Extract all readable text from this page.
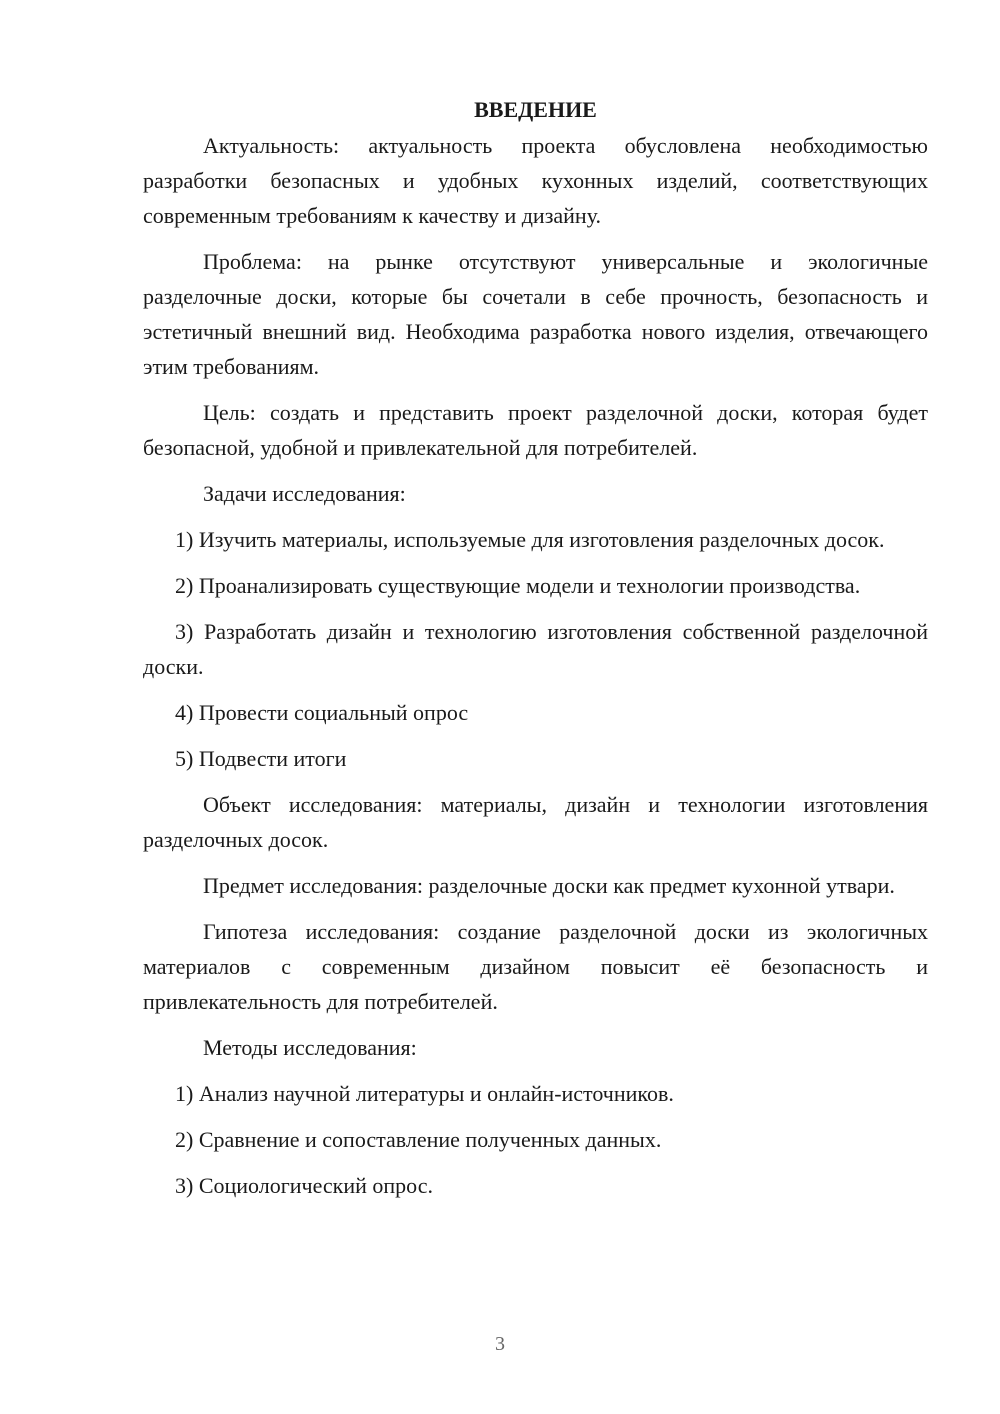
ВВЕДЕНИЕ

Актуальность: актуальность проекта обусловлена необходимостью разработки безопасных и удобных кухонных изделий, соответствующих современным требованиям к качеству и дизайну.

Проблема: на рынке отсутствуют универсальные и экологичные разделочные доски, которые бы сочетали в себе прочность, безопасность и эстетичный внешний вид. Необходима разработка нового изделия, отвечающего этим требованиям.

Цель: создать и представить проект разделочной доски, которая будет безопасной, удобной и привлекательной для потребителей.

Задачи исследования:

1) Изучить материалы, используемые для изготовления разделочных досок.

2) Проанализировать существующие модели и технологии производства.

3) Разработать дизайн и технологию изготовления собственной разделочной доски.

4) Провести социальный опрос

5) Подвести итоги

Объект исследования: материалы, дизайн и технологии изготовления разделочных досок.

Предмет исследования: разделочные доски как предмет кухонной утвари.

Гипотеза исследования: создание разделочной доски из экологичных материалов с современным дизайном повысит её безопасность и привлекательность для потребителей.

Методы исследования:

1) Анализ научной литературы и онлайн-источников.

2) Сравнение и сопоставление полученных данных.

3) Социологический опрос.

3
